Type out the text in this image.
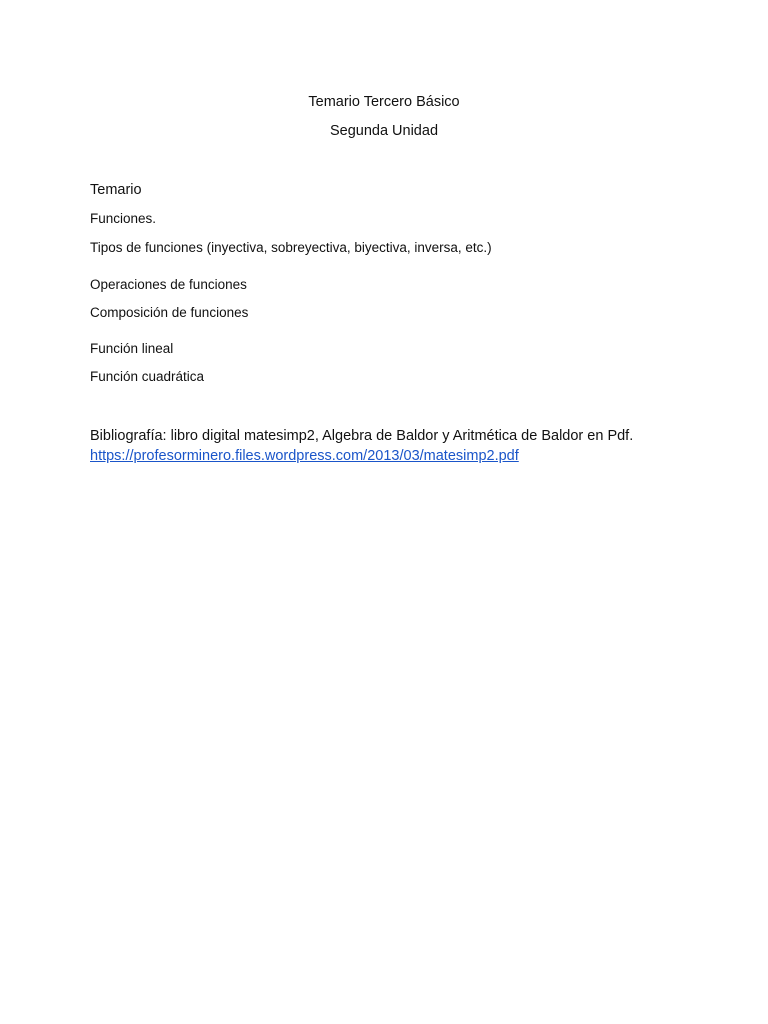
Temario Tercero Básico
Segunda Unidad
Temario
Funciones.
Tipos de funciones (inyectiva, sobreyectiva, biyectiva, inversa, etc.)
Operaciones de funciones
Composición de funciones
Función lineal
Función cuadrática
Bibliografía: libro digital matesimp2, Algebra de Baldor y Aritmética de Baldor en Pdf.
https://profesorminero.files.wordpress.com/2013/03/matesimp2.pdf
